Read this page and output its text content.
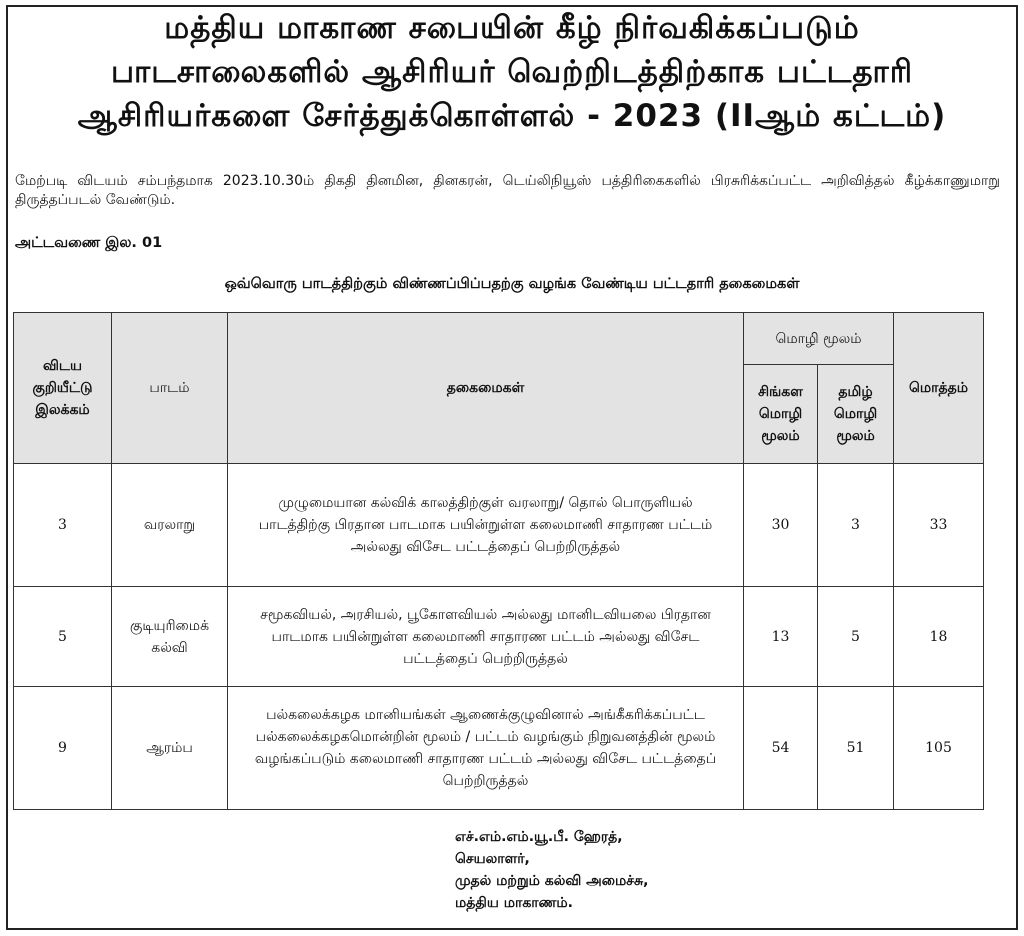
மத்திய மாகாண சபையின் கீழ் நிர்வகிக்கப்படும்
பாடசாலைகளில் ஆசிரியர் வெற்றிடத்திற்காக பட்டதாரி
ஆசிரியர்களை சேர்த்துக்கொள்ளல் - 2023 (IIஆம் கட்டம்)

மேற்படி விடயம் சம்பந்தமாக 2023.10.30ம் திகதி தினமின, தினகரன், டெய்லிநியூஸ் பத்திரிகைகளில் பிரசுரிக்கப்பட்ட அறிவித்தல் கீழ்க்காணுமாறு திருத்தப்படல் வேண்டும்.

அட்டவணை இல. 01
ஒவ்வொரு பாடத்திற்கும் விண்ணப்பிப்பதற்கு வழங்க வேண்டிய பட்டதாரி தகைமைகள்
விடய குறியீட்டு இலக்கம்	பாடம்	தகைமைகள்	மொழி மூலம்		மொத்தம்
			சிங்கள மொழி மூலம்	தமிழ் மொழி மூலம்	
3	வரலாறு	முழுமையான கல்விக் காலத்திற்குள் வரலாறு/ தொல் பொருளியல் பாடத்திற்கு பிரதான பாடமாக பயின்றுள்ள கலைமாணி சாதாரண பட்டம் அல்லது விசேட பட்டத்தைப் பெற்றிருத்தல்	30	3	33
5	குடியுரிமைக் கல்வி	சமூகவியல், அரசியல், பூகோளவியல் அல்லது மானிடவியலை பிரதான பாடமாக பயின்றுள்ள கலைமாணி சாதாரண பட்டம் அல்லது விசேட பட்டத்தைப் பெற்றிருத்தல்	13	5	18
9	ஆரம்ப	பல்கலைக்கழக மானியங்கள் ஆணைக்குழுவினால் அங்கீகரிக்கப்பட்ட பல்கலைக்கழகமொன்றின் மூலம் / பட்டம் வழங்கும் நிறுவனத்தின் மூலம் வழங்கப்படும் கலைமாணி சாதாரண பட்டம் அல்லது விசேட பட்டத்தைப் பெற்றிருத்தல்	54	51	105
எச்.எம்.எம்.யூ.பீ. ஹேரத்,
செயலாளர்,
முதல் மற்றும் கல்வி அமைச்சு,
மத்திய மாகாணம்.
